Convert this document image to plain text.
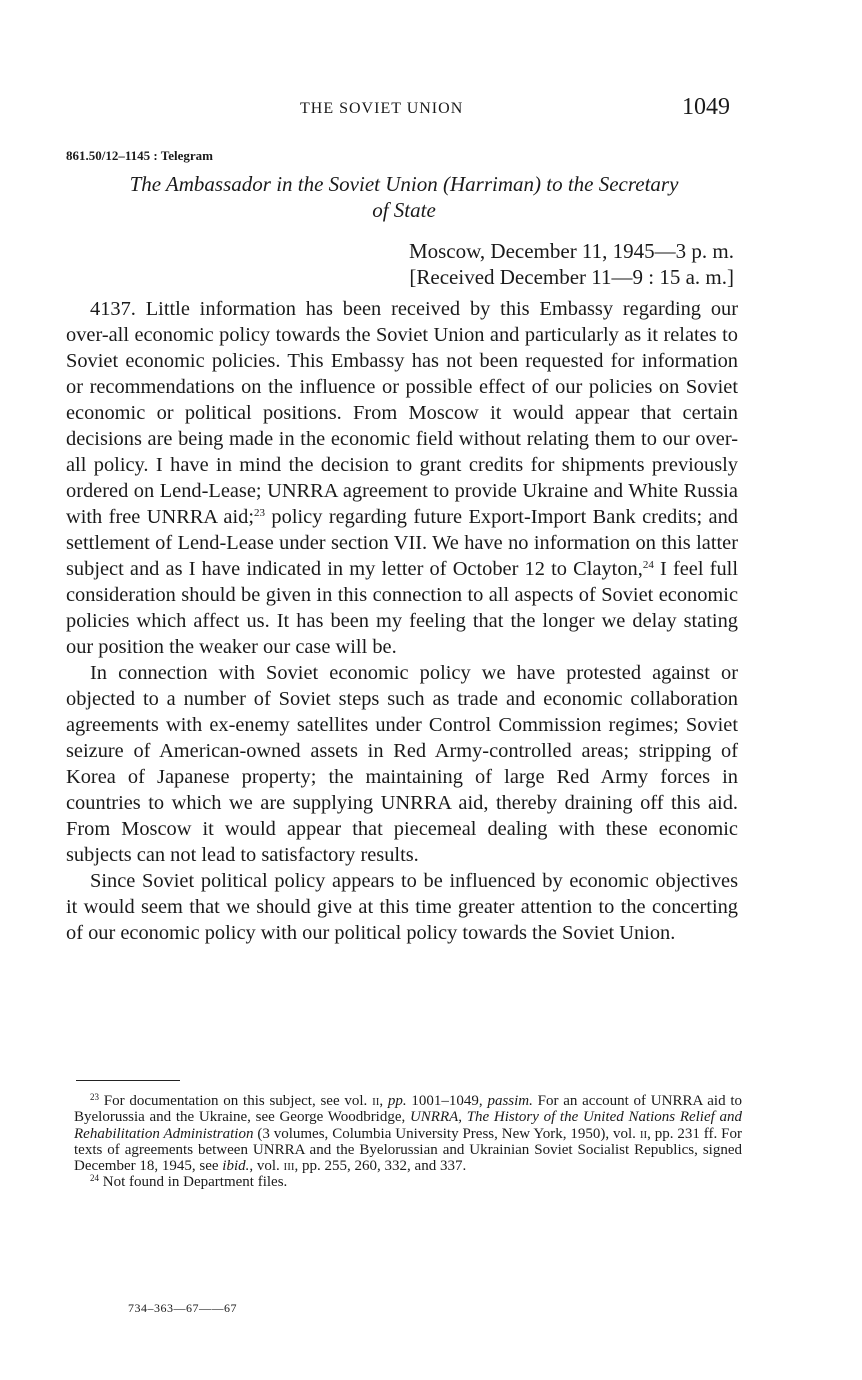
THE SOVIET UNION	1049
861.50/12–1145 : Telegram
The Ambassador in the Soviet Union (Harriman) to the Secretary
of State
Moscow, December 11, 1945—3 p. m.
[Received December 11—9 : 15 a. m.]

4137. Little information has been received by this Embassy regarding our over-all economic policy towards the Soviet Union and particularly as it relates to Soviet economic policies. This Embassy has not been requested for information or recommendations on the influence or possible effect of our policies on Soviet economic or political positions. From Moscow it would appear that certain decisions are being made in the economic field without relating them to our over-all policy. I have in mind the decision to grant credits for shipments previously ordered on Lend-Lease; UNRRA agreement to provide Ukraine and White Russia with free UNRRA aid;$^{23}$ policy regarding future Export-Import Bank credits; and settlement of Lend-Lease under section VII. We have no information on this latter subject and as I have indicated in my letter of October 12 to Clayton,$^{24}$ I feel full consideration should be given in this connection to all aspects of Soviet economic policies which affect us. It has been my feeling that the longer we delay stating our position the weaker our case will be.

In connection with Soviet economic policy we have protested against or objected to a number of Soviet steps such as trade and economic collaboration agreements with ex-enemy satellites under Control Commission regimes; Soviet seizure of American-owned assets in Red Army-controlled areas; stripping of Korea of Japanese property; the maintaining of large Red Army forces in countries to which we are supplying UNRRA aid, thereby draining off this aid. From Moscow it would appear that piecemeal dealing with these economic subjects can not lead to satisfactory results.

Since Soviet political policy appears to be influenced by economic objectives it would seem that we should give at this time greater attention to the concerting of our economic policy with our political policy towards the Soviet Union.

$^{23}$ For documentation on this subject, see vol. ii, pp. 1001–1049, passim. For an account of UNRRA aid to Byelorussia and the Ukraine, see George Woodbridge, UNRRA, The History of the United Nations Relief and Rehabilitation Administration (3 volumes, Columbia University Press, New York, 1950), vol. ii, pp. 231 ff. For texts of agreements between UNRRA and the Byelorussian and Ukrainian Soviet Socialist Republics, signed December 18, 1945, see ibid., vol. iii, pp. 255, 260, 332, and 337.

$^{24}$ Not found in Department files.

734–363—67——67
